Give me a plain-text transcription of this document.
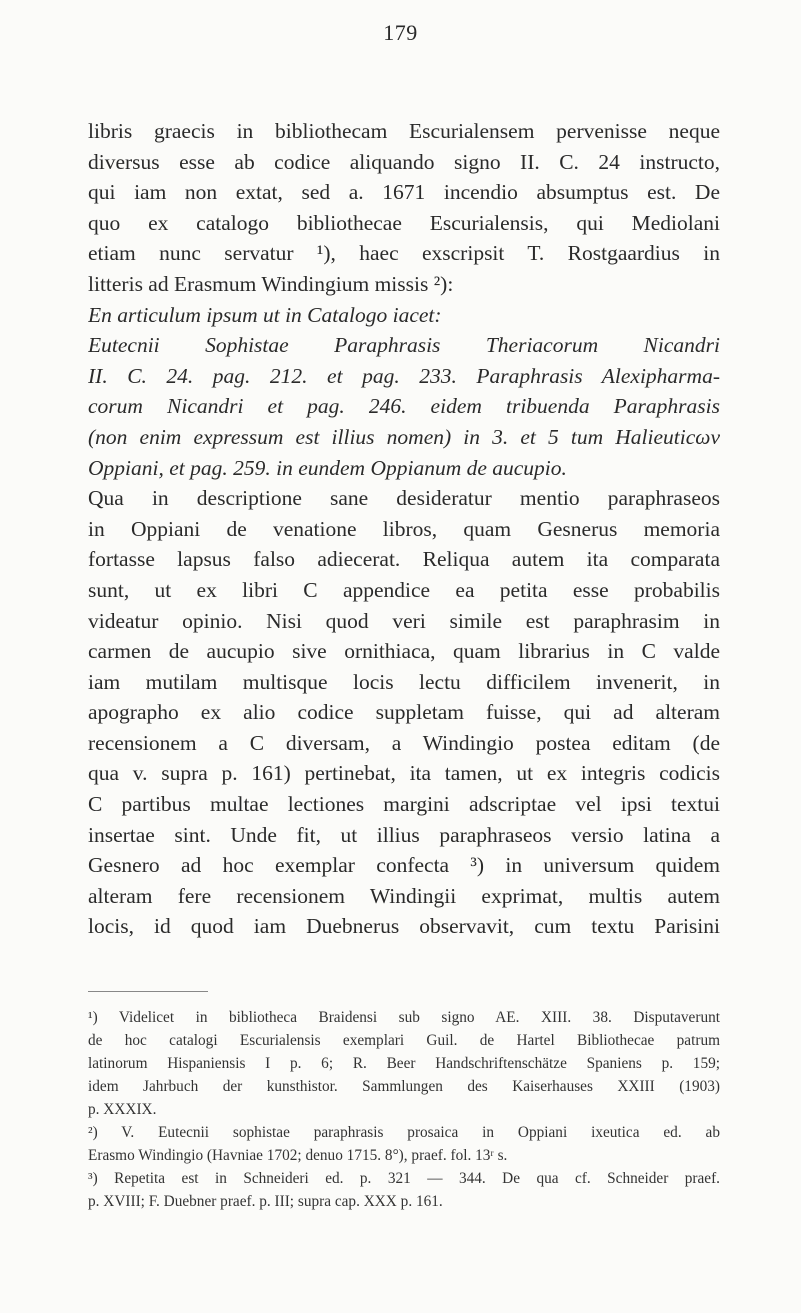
179
libris graecis in bibliothecam Escurialensem pervenisse neque
diversus esse ab codice aliquando signo II. C. 24 instructo,
qui iam non extat, sed a. 1671 incendio absumptus est. De
quo ex catalogo bibliothecae Escurialensis, qui Mediolani
etiam nunc servatur ¹), haec exscripsit T. Rostgaardius in
litteris ad Erasmum Windingium missis ²):
En articulum ipsum ut in Catalogo iacet:
Eutecnii Sophistae Paraphrasis Theriacorum Nicandri
II. C. 24. pag. 212. et pag. 233. Paraphrasis Alexipharma-
corum Nicandri et pag. 246. eidem tribuenda Paraphrasis
(non enim expressum est illius nomen) in 3. et 5 tum Halieuticων
Oppiani, et pag. 259. in eundem Oppianum de aucupio.
Qua in descriptione sane desideratur mentio paraphraseos
in Oppiani de venatione libros, quam Gesnerus memoria
fortasse lapsus falso adiecerat. Reliqua autem ita comparata
sunt, ut ex libri C appendice ea petita esse probabilis
videatur opinio. Nisi quod veri simile est paraphrasim in
carmen de aucupio sive ornithiaca, quam librarius in C valde
iam mutilam multisque locis lectu difficilem invenerit, in
apographo ex alio codice suppletam fuisse, qui ad alteram
recensionem a C diversam, a Windingio postea editam (de
qua v. supra p. 161) pertinebat, ita tamen, ut ex integris codicis
C partibus multae lectiones margini adscriptae vel ipsi textui
insertae sint. Unde fit, ut illius paraphraseos versio latina a
Gesnero ad hoc exemplar confecta ³) in universum quidem
alteram fere recensionem Windingii exprimat, multis autem
locis, id quod iam Duebnerus observavit, cum textu Parisini
¹) Videlicet in bibliotheca Braidensi sub signo AE. XIII. 38. Disputaverunt
de hoc catalogi Escurialensis exemplari Guil. de Hartel Bibliothecae patrum
latinorum Hispaniensis I p. 6; R. Beer Handschriftenschätze Spaniens p. 159;
idem Jahrbuch der kunsthistor. Sammlungen des Kaiserhauses XXIII (1903)
p. XXXIX.
²) V. Eutecnii sophistae paraphrasis prosaica in Oppiani ixeutica ed. ab
Erasmo Windingio (Havniae 1702; denuo 1715. 8°), praef. fol. 13ʳ s.
³) Repetita est in Schneideri ed. p. 321 — 344. De qua cf. Schneider praef.
p. XVIII; F. Duebner praef. p. III; supra cap. XXX p. 161.
